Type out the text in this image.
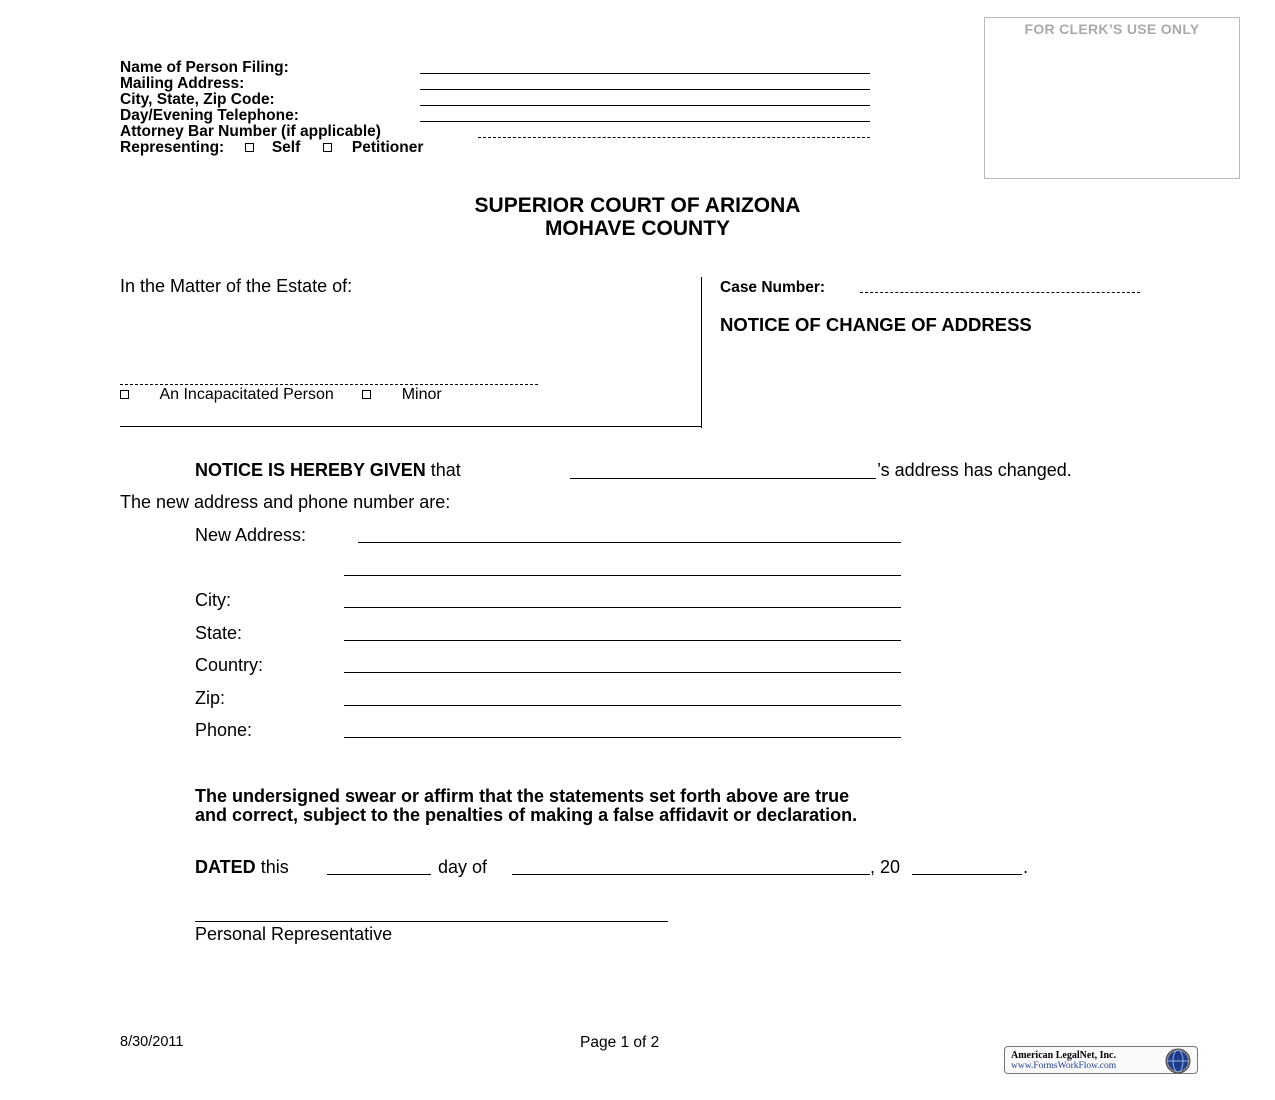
FOR CLERK’S USE ONLY
Name of Person Filing:
Mailing Address:
City, State, Zip Code:
Day/Evening Telephone:
Attorney Bar Number (if applicable)
Representing:	Self	Petitioner
SUPERIOR COURT OF ARIZONA
MOHAVE COUNTY
In the Matter of the Estate of:
An Incapacitated Person	Minor
Case Number:
NOTICE OF CHANGE OF ADDRESS
NOTICE IS HEREBY GIVEN that	’s address has changed.
The new address and phone number are:
New Address:
City:
State:
Country:
Zip:
Phone:
The undersigned swear or affirm that the statements set forth above are true
and correct, subject to the penalties of making a false affidavit or declaration.
DATED this	day of	, 20	.
Personal Representative
8/30/2011	Page 1 of 2
American LegalNet, Inc.
www.FormsWorkFlow.com
